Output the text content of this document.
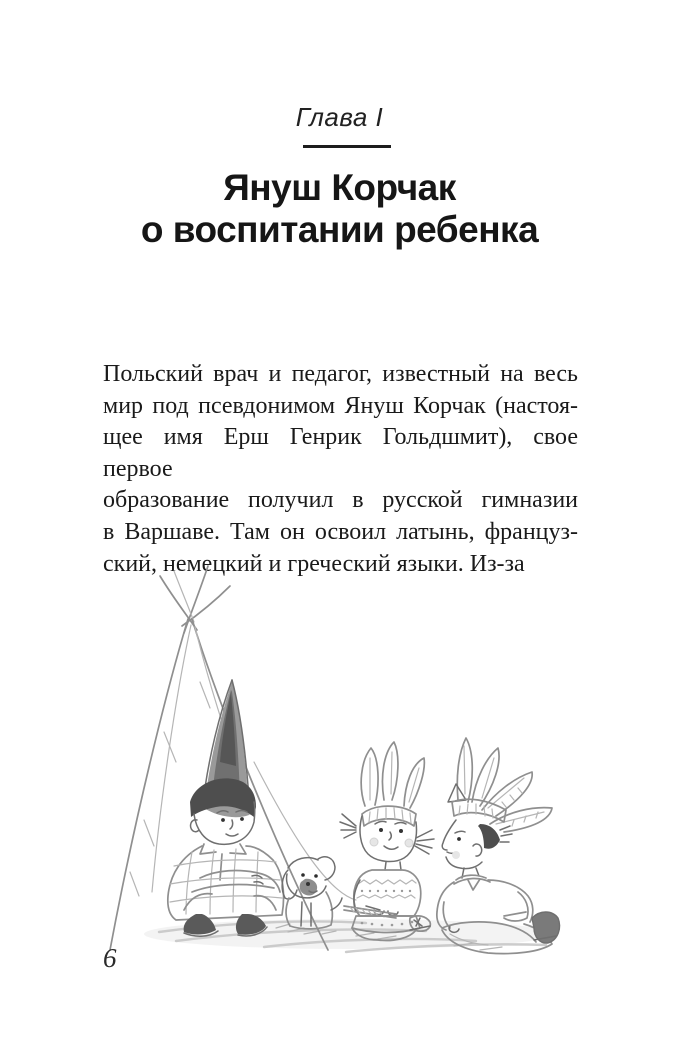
Глава I
Януш Корчак
о воспитании ребенка
Польский врач и педагог, известный на весь
мир под псевдонимом Януш Корчак (настоя-
щее имя Ерш Генрик Гольдшмит), свое первое
образование получил в русской гимназии
в Варшаве. Там он освоил латынь, француз-
ский, немецкий и греческий языки. Из-за
6
